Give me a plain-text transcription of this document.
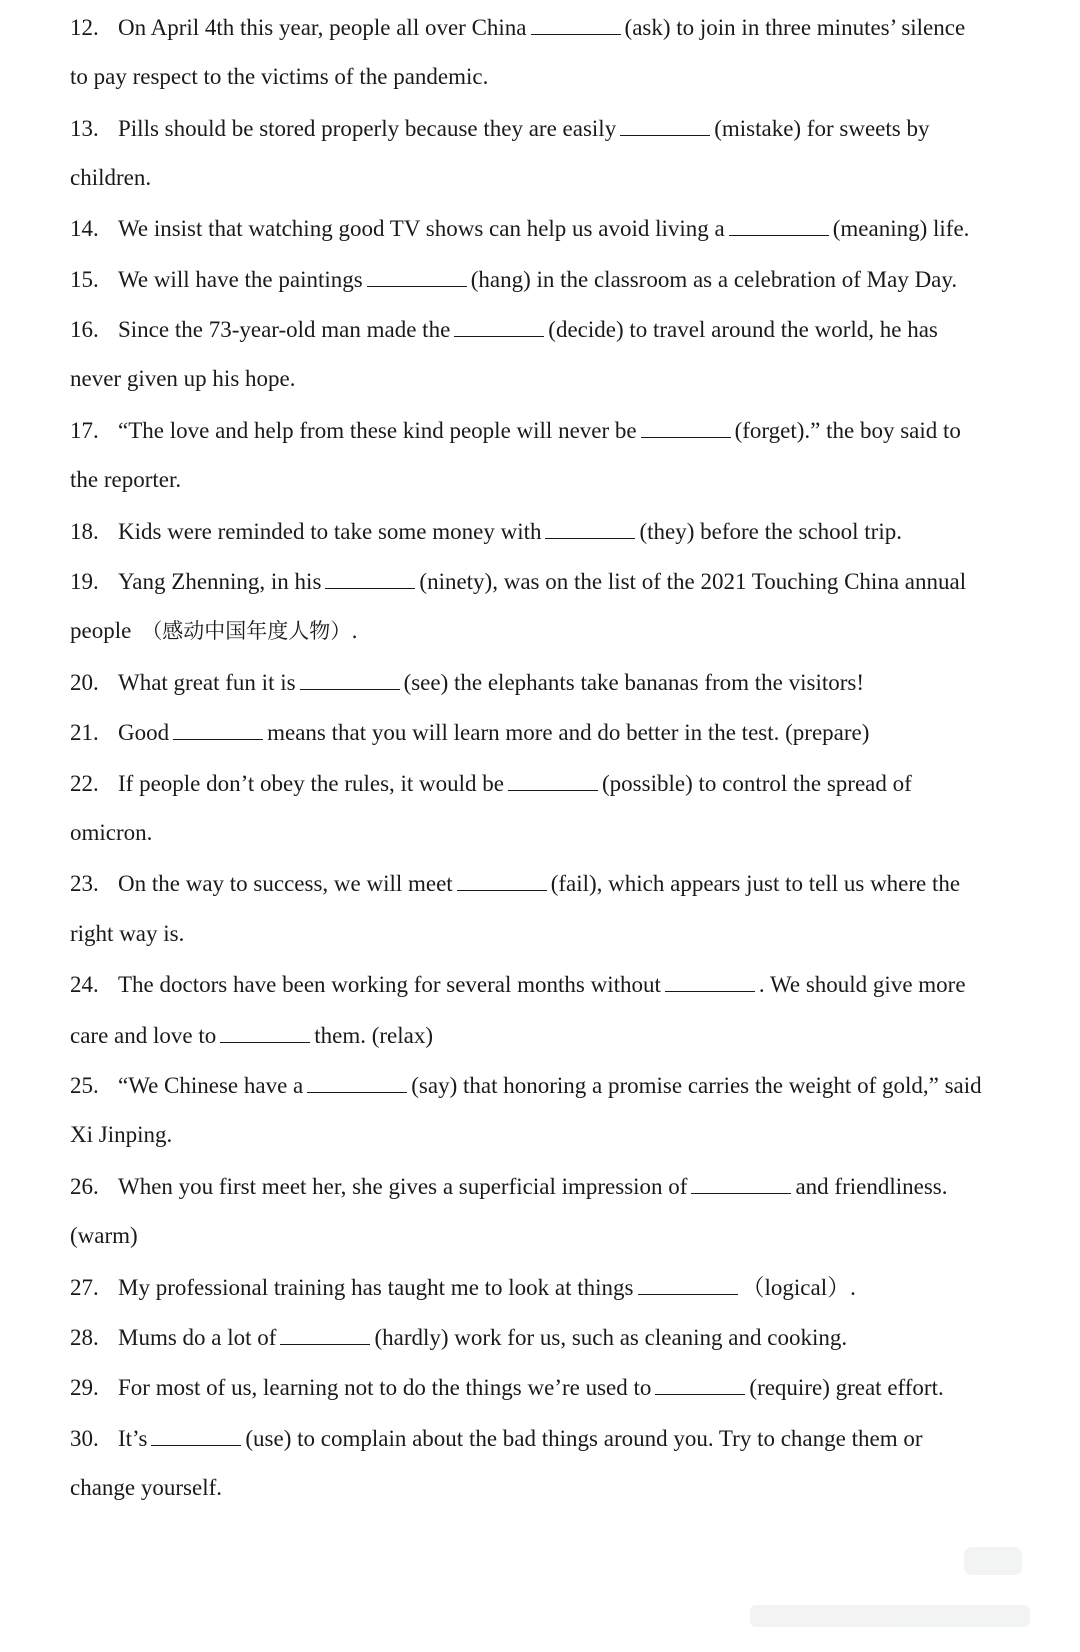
12. On April 4th this year, people all over China	(ask) to join in three minutes’ silence
to pay respect to the victims of the pandemic.
13. Pills should be stored properly because they are easily	(mistake) for sweets by
children.
14. We insist that watching good TV shows can help us avoid living a	(meaning) life.
15. We will have the paintings	(hang) in the classroom as a celebration of May Day.
16. Since the 73-year-old man made the	(decide) to travel around the world, he has
never given up his hope.
17. “The love and help from these kind people will never be	(forget).” the boy said to
the reporter.
18. Kids were reminded to take some money with	(they) before the school trip.
19. Yang Zhenning, in his	(ninety), was on the list of the 2021 Touching China annual
people （感动中国年度人物）.
20. What great fun it is	(see) the elephants take bananas from the visitors!
21. Good	means that you will learn more and do better in the test. (prepare)
22. If people don’t obey the rules, it would be	(possible) to control the spread of
omicron.
23. On the way to success, we will meet	(fail), which appears just to tell us where the
right way is.
24. The doctors have been working for several months without	. We should give more
care and love to	them. (relax)
25. “We Chinese have a	(say) that honoring a promise carries the weight of gold,” said
Xi Jinping.
26. When you first meet her, she gives a superficial impression of	and friendliness.
(warm)
27. My professional training has taught me to look at things	（logical）.
28. Mums do a lot of	(hardly) work for us, such as cleaning and cooking.
29. For most of us, learning not to do the things we’re used to	(require) great effort.
30. It’s	(use) to complain about the bad things around you. Try to change them or
change yourself.
